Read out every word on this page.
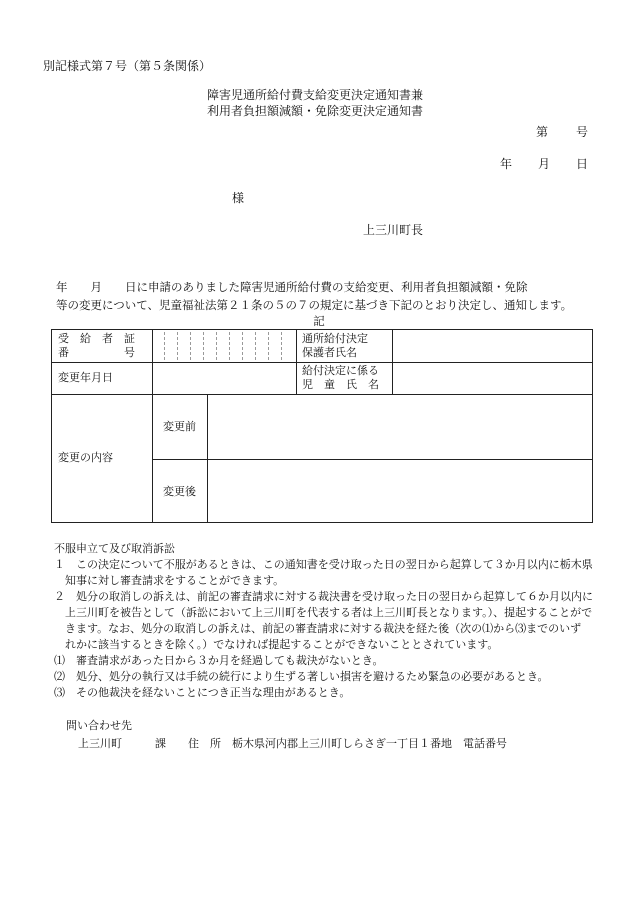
別記様式第７号（第５条関係）
障害児通所給付費支給変更決定通知書兼
利用者負担額減額・免除変更決定通知書
第 号
年 月 日
様
上三川町長
年　　月　　日に申請のありました障害児通所給付費の支給変更、利用者負担額減額・免除
等の変更について、児童福祉法第２１条の５の７の規定に基づき下記のとおり決定し、通知します。
記
受　給　者　証
番　　　　　号
通所給付決定
保護者氏名
変更年月日
給付決定に係る
児　童　氏　名
変更の内容
変更前
変更後
不服申立て及び取消訴訟
１　この決定について不服があるときは、この通知書を受け取った日の翌日から起算して３か月以内に栃木県
　知事に対し審査請求をすることができます。
２　処分の取消しの訴えは、前記の審査請求に対する裁決書を受け取った日の翌日から起算して６か月以内に
　上三川町を被告として（訴訟において上三川町を代表する者は上三川町長となります。）、提起することがで
　きます。なお、処分の取消しの訴えは、前記の審査請求に対する裁決を経た後（次の⑴から⑶までのいず
　れかに該当するときを除く。）でなければ提起することができないこととされています。
⑴　審査請求があった日から３か月を経過しても裁決がないとき。
⑵　処分、処分の執行又は手続の続行により生ずる著しい損害を避けるため緊急の必要があるとき。
⑶　その他裁決を経ないことにつき正当な理由があるとき。
問い合わせ先
上三川町　　　課　　住　所　栃木県河内郡上三川町しらさぎ一丁目１番地　電話番号
